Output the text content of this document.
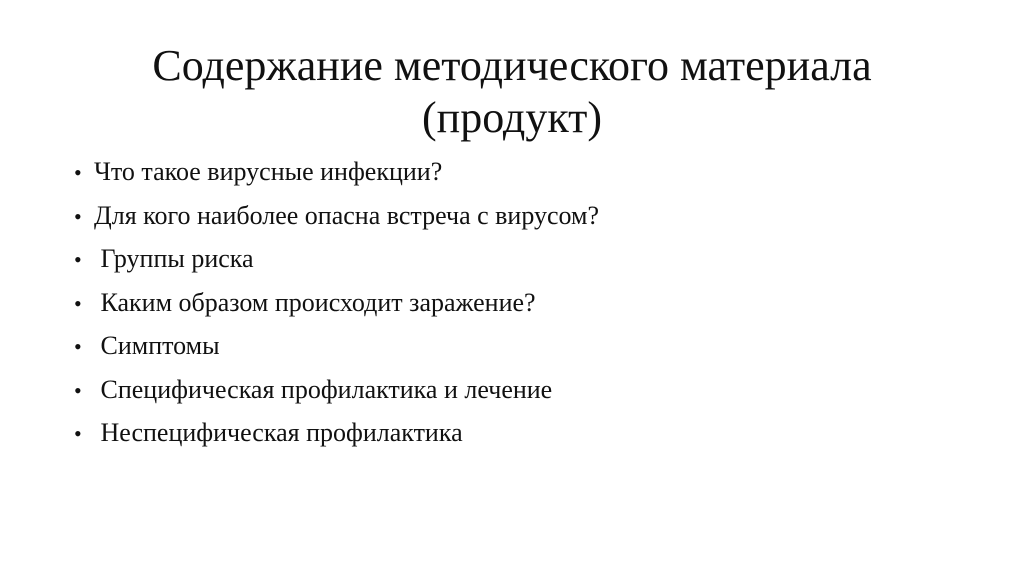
Содержание методического материала
(продукт)
• Что такое вирусные инфекции?
• Для кого наиболее опасна встреча с вирусом?
• Группы риска
• Каким образом происходит заражение?
• Симптомы
• Специфическая профилактика и лечение
• Неспецифическая профилактика
